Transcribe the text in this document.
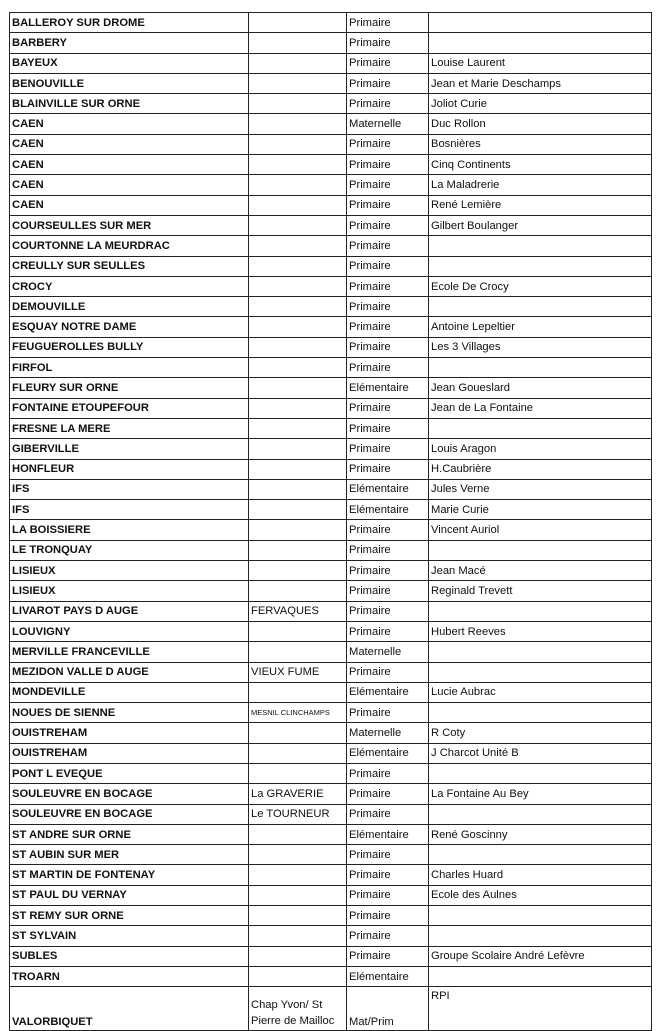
BALLEROY SUR DROME		Primaire	
BARBERY		Primaire	
BAYEUX		Primaire	Louise Laurent
BENOUVILLE		Primaire	Jean et Marie Deschamps
BLAINVILLE SUR ORNE		Primaire	Joliot Curie
CAEN		Maternelle	Duc Rollon
CAEN		Primaire	Bosnières
CAEN		Primaire	Cinq Continents
CAEN		Primaire	La Maladrerie
CAEN		Primaire	René Lemière
COURSEULLES SUR MER		Primaire	Gilbert Boulanger
COURTONNE LA MEURDRAC		Primaire	
CREULLY SUR SEULLES		Primaire	
CROCY		Primaire	Ecole De Crocy
DEMOUVILLE		Primaire	
ESQUAY NOTRE DAME		Primaire	Antoine Lepeltier
FEUGUEROLLES BULLY		Primaire	Les 3 Villages
FIRFOL		Primaire	
FLEURY SUR ORNE		Elémentaire	Jean Goueslard
FONTAINE ETOUPEFOUR		Primaire	Jean de La Fontaine
FRESNE LA MERE		Primaire	
GIBERVILLE		Primaire	Louis Aragon
HONFLEUR		Primaire	H.Caubrière
IFS		Elémentaire	Jules Verne
IFS		Elémentaire	Marie Curie
LA BOISSIERE		Primaire	Vincent Auriol
LE TRONQUAY		Primaire	
LISIEUX		Primaire	Jean Macé
LISIEUX		Primaire	Reginald Trevett
LIVAROT PAYS D AUGE	FERVAQUES	Primaire	
LOUVIGNY		Primaire	Hubert Reeves
MERVILLE FRANCEVILLE		Maternelle	
MEZIDON VALLE D AUGE	VIEUX FUME	Primaire	
MONDEVILLE		Elémentaire	Lucie Aubrac
NOUES DE SIENNE	MESNIL CLINCHAMPS	Primaire	
OUISTREHAM		Maternelle	R Coty
OUISTREHAM		Elémentaire	J Charcot Unité B
PONT L EVEQUE		Primaire	
SOULEUVRE EN BOCAGE	La GRAVERIE	Primaire	La Fontaine Au Bey
SOULEUVRE EN BOCAGE	Le TOURNEUR	Primaire	
ST ANDRE SUR ORNE		Elémentaire	René Goscinny
ST AUBIN SUR MER		Primaire	
ST MARTIN DE FONTENAY		Primaire	Charles Huard
ST PAUL DU VERNAY		Primaire	Ecole des Aulnes
ST REMY SUR ORNE		Primaire	
ST SYLVAIN		Primaire	
SUBLES		Primaire	Groupe Scolaire André Lefèvre
TROARN		Elémentaire	
VALORBIQUET	Chap Yvon/ St Pierre de Mailloc	Mat/Prim	RPI
